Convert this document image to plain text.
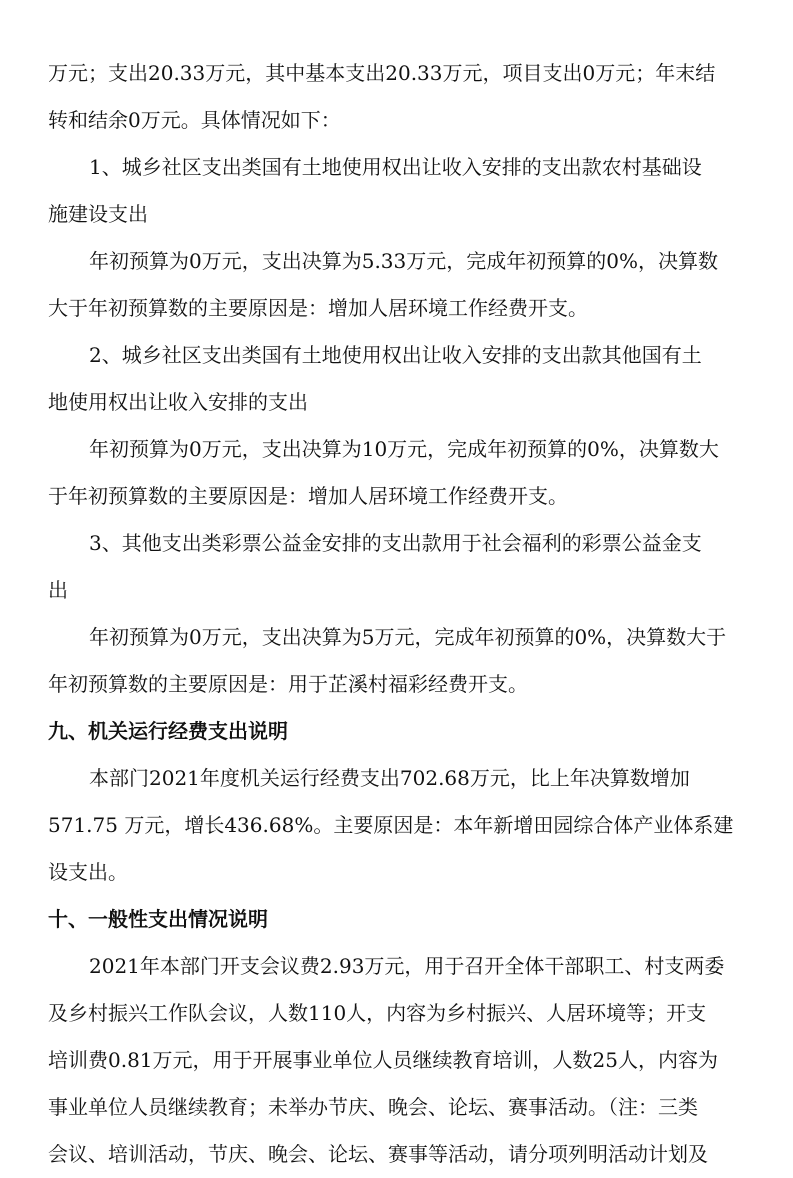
万元；支出20.33万元，其中基本支出20.33万元，项目支出0万元；年末结
转和结余0万元。具体情况如下：
1、城乡社区支出类国有土地使用权出让收入安排的支出款农村基础设
施建设支出
年初预算为0万元，支出决算为5.33万元，完成年初预算的0%，决算数
大于年初预算数的主要原因是：增加人居环境工作经费开支。
2、城乡社区支出类国有土地使用权出让收入安排的支出款其他国有土
地使用权出让收入安排的支出
年初预算为0万元，支出决算为10万元，完成年初预算的0%，决算数大
于年初预算数的主要原因是：增加人居环境工作经费开支。
3、其他支出类彩票公益金安排的支出款用于社会福利的彩票公益金支
出
年初预算为0万元，支出决算为5万元，完成年初预算的0%，决算数大于
年初预算数的主要原因是：用于芷溪村福彩经费开支。
九、机关运行经费支出说明
本部门2021年度机关运行经费支出702.68万元，比上年决算数增加
571.75 万元，增长436.68%。主要原因是：本年新增田园综合体产业体系建
设支出。
十、一般性支出情况说明
2021年本部门开支会议费2.93万元，用于召开全体干部职工、村支两委
及乡村振兴工作队会议，人数110人，内容为乡村振兴、人居环境等；开支
培训费0.81万元，用于开展事业单位人员继续教育培训，人数25人，内容为
事业单位人员继续教育；未举办节庆、晚会、论坛、赛事活动。（注：三类
会议、培训活动，节庆、晚会、论坛、赛事等活动，请分项列明活动计划及
